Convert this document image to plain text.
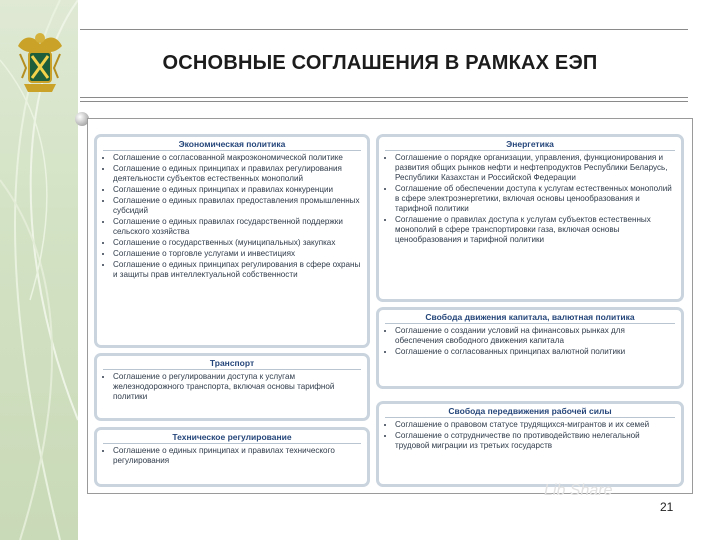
ОСНОВНЫЕ СОГЛАШЕНИЯ В РАМКАХ ЕЭП
Экономическая политика
• Соглашение о согласованной макроэкономической политике
• Соглашение о единых принципах и правилах регулирования деятельности субъектов естественных монополий
• Соглашение о единых принципах и правилах конкуренции
• Соглашение о единых правилах предоставления промышленных субсидий
• Соглашение о единых правилах государственной поддержки сельского хозяйства
• Соглашение о государственных (муниципальных) закупках
• Соглашение о торговле услугами и инвестициях
• Соглашение о единых принципах регулирования в сфере охраны и защиты прав интеллектуальной собственности
Транспорт
• Соглашение о регулировании доступа к услугам железнодорожного транспорта, включая основы тарифной политики
Техническое регулирование
• Соглашение о единых принципах и правилах технического регулирования
Энергетика
• Соглашение о порядке организации, управления, функционирования и развития общих рынков нефти и нефтепродуктов Республики Беларусь, Республики Казахстан и Российской Федерации
• Соглашение об обеспечении доступа к услугам естественных монополий в сфере электроэнергетики, включая основы ценообразования и тарифной политики
• Соглашение о правилах доступа к услугам субъектов естественных монополий в сфере транспортировки газа, включая основы ценообразования и тарифной политики
Свобода движения капитала, валютная политика
• Соглашение о создании условий на финансовых рынках для обеспечения свободного движения капитала
• Соглашение о согласованных принципах валютной политики
Свобода передвижения рабочей силы
• Соглашение о правовом статусе трудящихся-мигрантов и их семей
• Соглашение о сотрудничестве по противодействию нелегальной трудовой миграции из третьих государств
Lib Share
21
